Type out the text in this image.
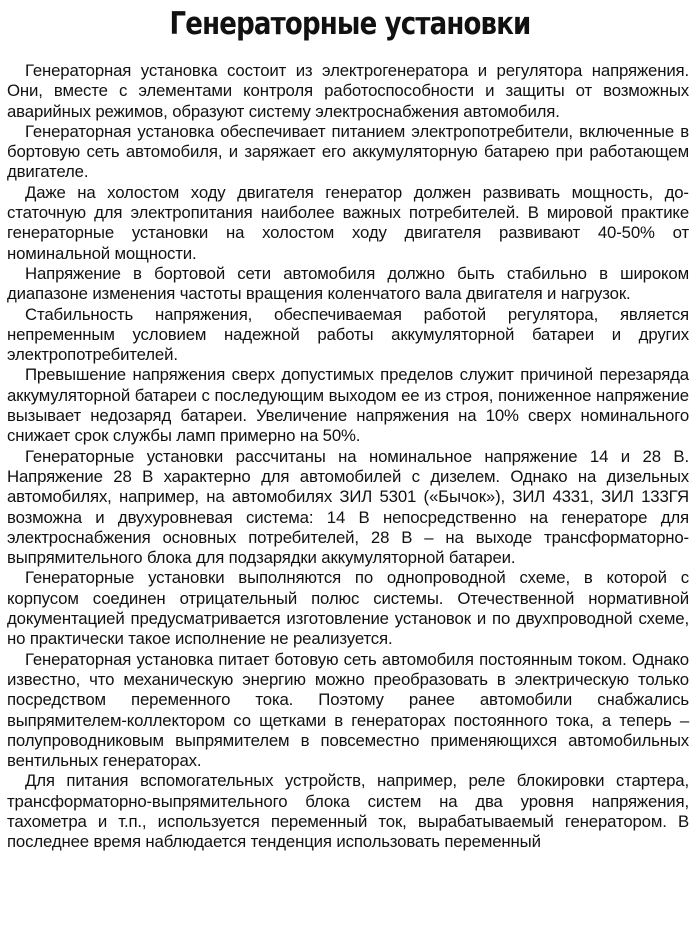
Генераторные установки

Генераторная установка состоит из электрогенератора и регулятора напряжения. Они, вместе с элементами контроля работоспособности и защиты от возможных аварийных режимов, образуют систему электроснабжения автомобиля.

Генераторная установка обеспечивает питанием электропотребители, включенные в бортовую сеть автомобиля, и заряжает его аккумуляторную батарею при работающем двигателе.

Даже на холостом ходу двигателя генератор должен развивать мощность, достаточную для электропитания наиболее важных потребителей. В мировой практике генераторные установки на холостом ходу двигателя развивают 40-50% от номинальной мощности.

Напряжение в бортовой сети автомобиля должно быть стабильно в широком диапазоне изменения частоты вращения коленчатого вала двигателя и нагрузок.

Стабильность напряжения, обеспечиваемая работой регулятора, является непременным условием надежной работы аккумуляторной батареи и других электропотребителей.

Превышение напряжения сверх допустимых пределов служит причиной перезаряда аккумуляторной батареи с последующим выходом ее из строя, пониженное напряжение вызывает недозаряд батареи. Увеличение напряжения на 10% сверх номинального снижает срок службы ламп примерно на 50%.

Генераторные установки рассчитаны на номинальное напряжение 14 и 28 В. Напряжение 28 В характерно для автомобилей с дизелем. Однако на дизельных автомобилях, например, на автомобилях ЗИЛ 5301 («Бычок»), ЗИЛ 4331, ЗИЛ 133ГЯ возможна и двухуровневая система: 14 В непосредственно на генераторе для электроснабжения основных потребителей, 28 В – на выходе трансформаторно-выпрямительного блока для подзарядки аккумуляторной батареи.

Генераторные установки выполняются по однопроводной схеме, в которой с корпусом соединен отрицательный полюс системы. Отечественной нормативной документацией предусматривается изготовление установок и по двухпроводной схеме, но практически такое исполнение не реализуется.

Генераторная установка питает ботовую сеть автомобиля постоянным током. Однако известно, что механическую энергию можно преобразовать в электрическую только посредством переменного тока. Поэтому ранее автомобили снабжались выпрямителем-коллектором со щетками в генераторах постоянного тока, а теперь – полупроводниковым выпрямителем в повсеместно применяющихся автомобильных вентильных генераторах.

Для питания вспомогательных устройств, например, реле блокировки стартера, трансформаторно-выпрямительного блока систем на два уровня напряжения, тахометра и т.п., используется переменный ток, вырабатываемый генератором. В последнее время наблюдается тенденция использовать переменный
